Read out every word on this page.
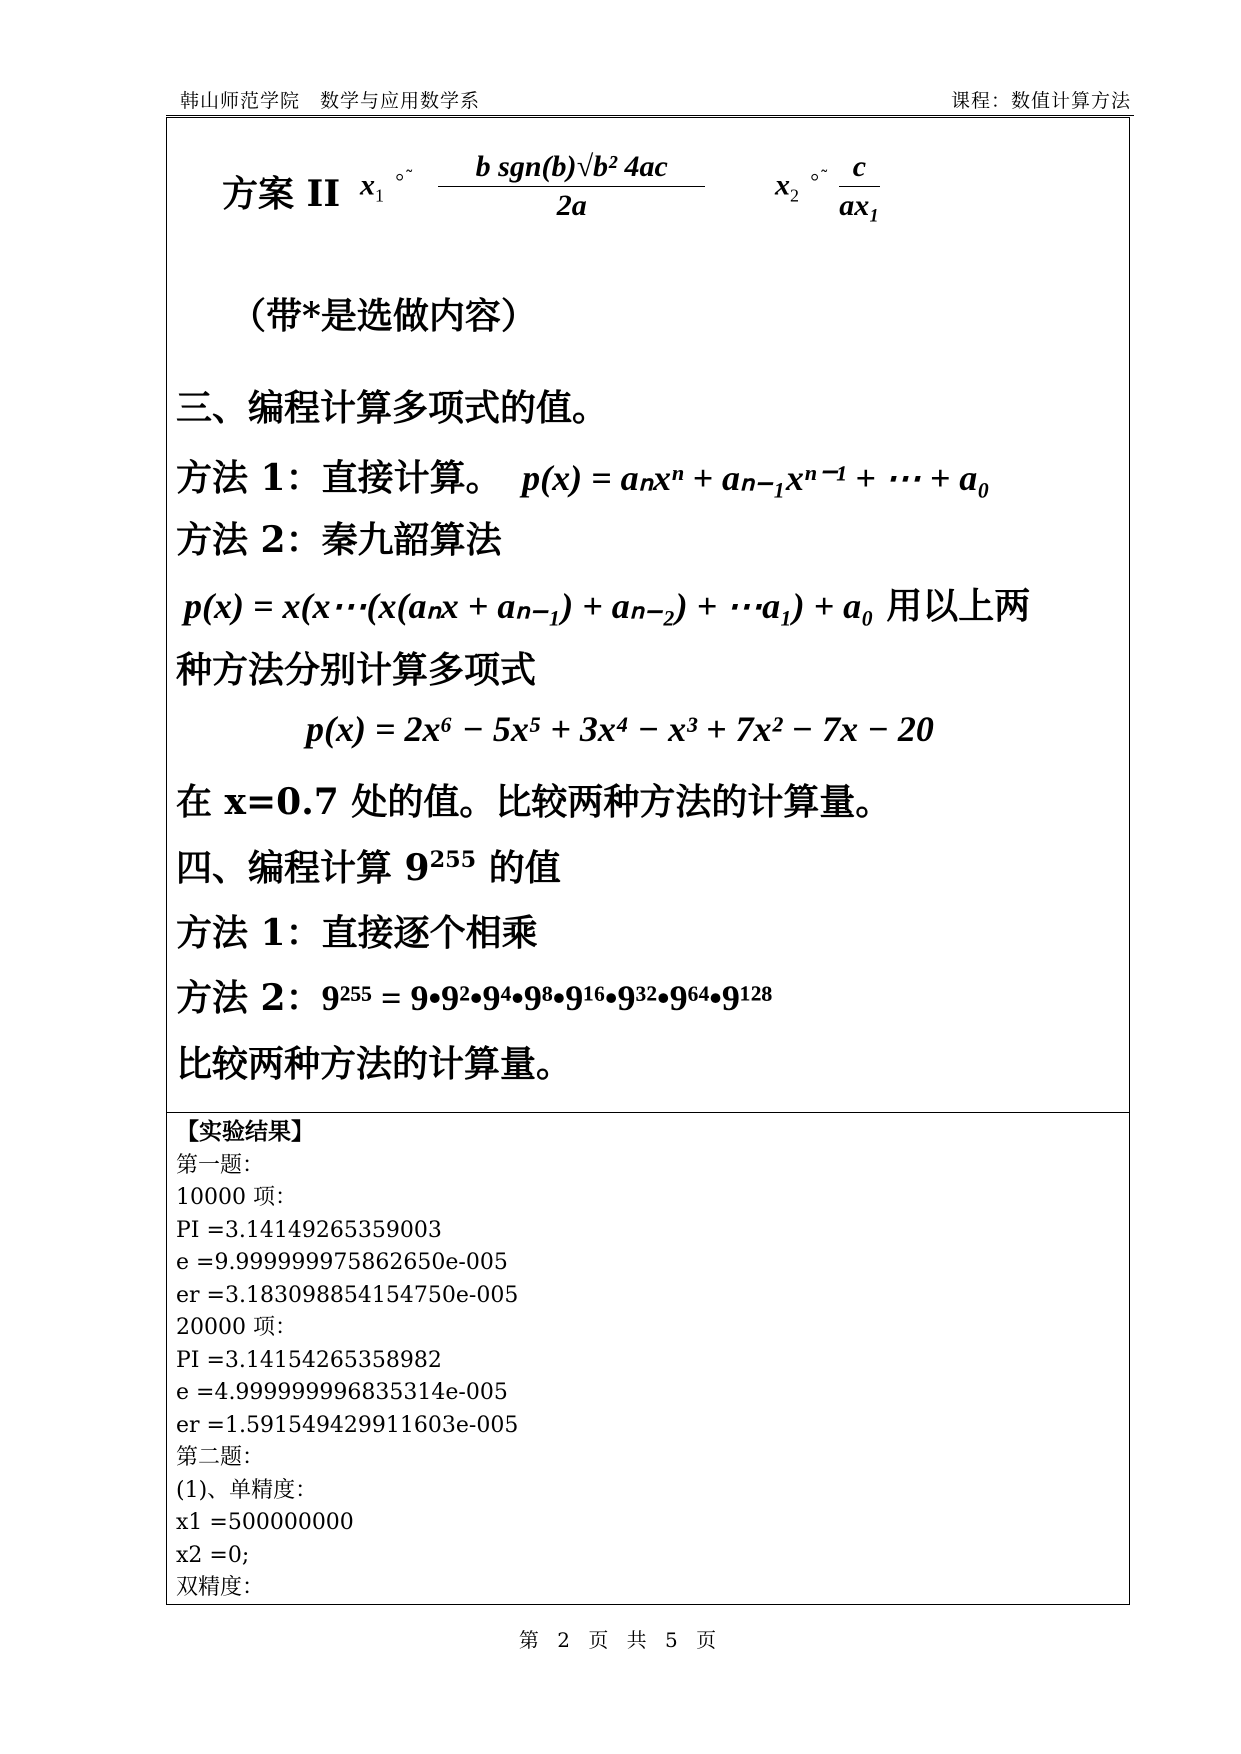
韩山师范学院　数学与应用数学系	课程：数值计算方法
方案 II $x_1$ $^{⸰˜} \frac{\text{b sgn(b)√b² 4ac}}{2a} x_2$ $^{⸰˜} \frac{c}{\text{ax₁}}$
（带*是选做内容）
三、编程计算多项式的值。
方法 1：直接计算。 p(x) = aₙxⁿ + aₙ₋₁xⁿ⁻¹ + ⋯ + a₀
方法 2：秦九韶算法
p(x) = x(x⋯(x(aₙx + aₙ₋₁) + aₙ₋₂) + ⋯a₁) + a₀ 用以上两
种方法分别计算多项式
p(x) = 2x⁶ − 5x⁵ + 3x⁴ − x³ + 7x² − 7x − 20
在 x=0.7 处的值。比较两种方法的计算量。
四、编程计算 $9^{255}$ 的值
方法 1：直接逐个相乘
方法 2：9²⁵⁵ = 9•9²•9⁴•9⁸•9¹⁶•9³²•9⁶⁴•9¹²⁸
比较两种方法的计算量。
【实验结果】
第一题：
10000 项：
PI =3.14149265359003
e =9.999999975862650e-005
er =3.183098854154750e-005
20000 项：
PI =3.14154265358982
e =4.999999996835314e-005
er =1.591549429911603e-005
第二题：
(1)、单精度：
x1 =500000000
x2 =0;
双精度：
第 2 页 共 5 页
